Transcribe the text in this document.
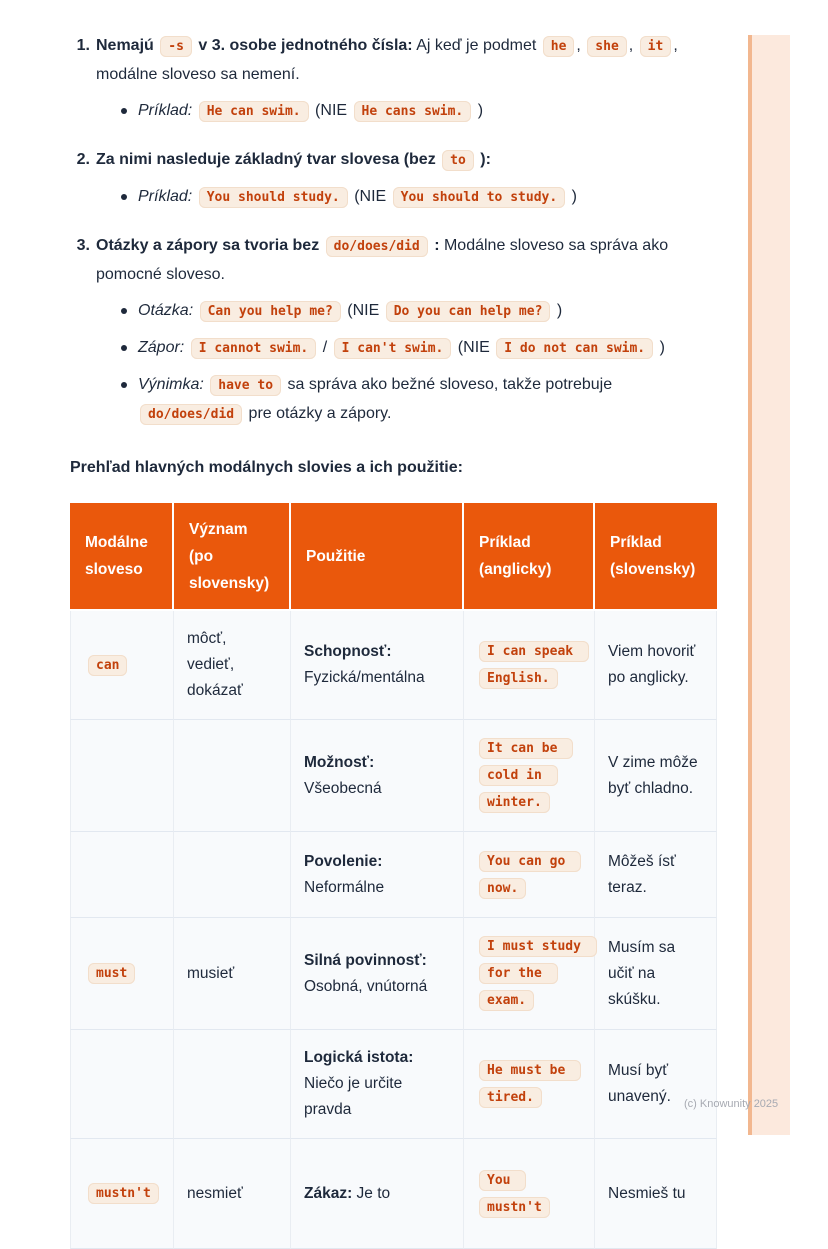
(c) Knowunity 2025
1. Nemajú -s v 3. osobe jednotného čísla: Aj keď je podmet he , she , it , modálne sloveso sa nemení.
Príklad: He can swim. (NIE He cans swim. )
2. Za nimi nasleduje základný tvar slovesa (bez to ):
Príklad: You should study. (NIE You should to study. )
3. Otázky a zápory sa tvoria bez do/does/did : Modálne sloveso sa správa ako pomocné sloveso.
Otázka: Can you help me? (NIE Do you can help me? )
Zápor: I cannot swim. / I can't swim. (NIE I do not can swim. )
Výnimka: have to sa správa ako bežné sloveso, takže potrebuje do/does/did pre otázky a zápory.
Prehľad hlavných modálnych slovies a ich použitie:
Modálne sloveso	Význam (po slovensky)	Použitie	Príklad (anglicky)	Príklad (slovensky)
can	môcť, vedieť, dokázať	Schopnosť: Fyzická/mentálna	I can speak English.	Viem hovoriť po anglicky.
		Možnosť: Všeobecná	It can be cold in winter.	V zime môže byť chladno.
		Povolenie: Neformálne	You can go now.	Môžeš ísť teraz.
must	musieť	Silná povinnosť: Osobná, vnútorná	I must study for the exam.	Musím sa učiť na skúšku.
		Logická istota: Niečo je určite pravda	He must be tired.	Musí byť unavený.
mustn't	nesmieť	Zákaz: Je to	You mustn't	Nesmieš tu
